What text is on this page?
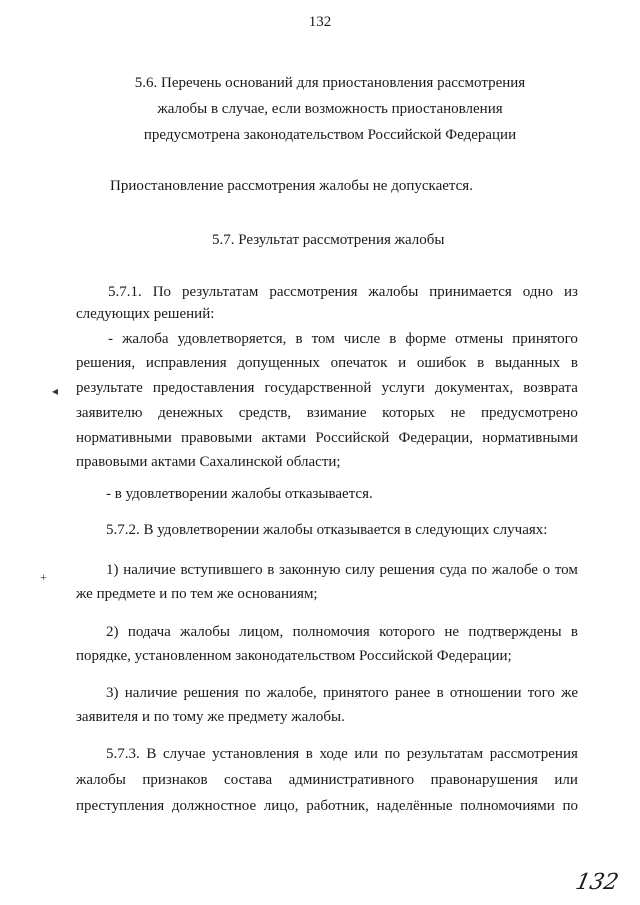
132
5.6. Перечень оснований для приостановления рассмотрения
жалобы в случае, если возможность приостановления
предусмотрена законодательством Российской Федерации
Приостановление рассмотрения жалобы не допускается.
5.7. Результат рассмотрения жалобы
5.7.1. По результатам рассмотрения жалобы принимается одно из
следующих решений:
- жалоба удовлетворяется, в том числе в форме отмены принятого
решения, исправления допущенных опечаток и ошибок в выданных в
результате предоставления государственной услуги документах, возврата
заявителю денежных средств, взимание которых не предусмотрено
нормативными правовыми актами Российской Федерации, нормативными
правовыми актами Сахалинской области;
- в удовлетворении жалобы отказывается.
5.7.2. В удовлетворении жалобы отказывается в следующих случаях:
1) наличие вступившего в законную силу решения суда по жалобе о том
же предмете и по тем же основаниям;
2) подача жалобы лицом, полномочия которого не подтверждены в
порядке, установленном законодательством Российской Федерации;
3) наличие решения по жалобе, принятого ранее в отношении того же
заявителя и по тому же предмету жалобы.
5.7.3. В случае установления в ходе или по результатам рассмотрения
жалобы признаков состава административного правонарушения или
преступления должностное лицо, работник, наделённые полномочиями по
◂
+
132
